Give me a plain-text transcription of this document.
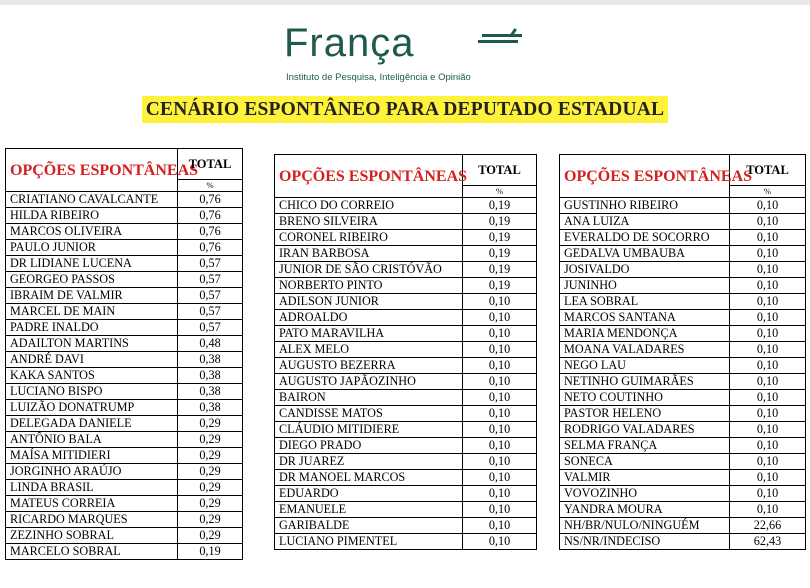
França
Instituto de Pesquisa, Inteligência e Opinião
CENÁRIO ESPONTÂNEO PARA DEPUTADO ESTADUAL
OPÇÕES ESPONTÂNEAS	TOTAL
	%
CRIATIANO CAVALCANTE	0,76
HILDA RIBEIRO	0,76
MARCOS OLIVEIRA	0,76
PAULO JUNIOR	0,76
DR LIDIANE LUCENA	0,57
GEORGEO PASSOS	0,57
IBRAIM DE VALMIR	0,57
MARCEL DE MAIN	0,57
PADRE INALDO	0,57
ADAILTON MARTINS	0,48
ANDRÉ DAVI	0,38
KAKA SANTOS	0,38
LUCIANO BISPO	0,38
LUIZÃO DONATRUMP	0,38
DELEGADA DANIELE	0,29
ANTÔNIO BALA	0,29
MAÍSA MITIDIERI	0,29
JORGINHO ARAÚJO	0,29
LINDA BRASIL	0,29
MATEUS CORREIA	0,29
RICARDO MARQUES	0,29
ZEZINHO SOBRAL	0,29
MARCELO SOBRAL	0,19
OPÇÕES ESPONTÂNEAS	TOTAL
	%
CHICO DO CORREIO	0,19
BRENO SILVEIRA	0,19
CORONEL RIBEIRO	0,19
IRAN BARBOSA	0,19
JUNIOR DE SÃO CRISTÓVÃO	0,19
NORBERTO PINTO	0,19
ADILSON JUNIOR	0,10
ADROALDO	0,10
PATO MARAVILHA	0,10
ALEX MELO	0,10
AUGUSTO BEZERRA	0,10
AUGUSTO JAPÃOZINHO	0,10
BAIRON	0,10
CANDISSE MATOS	0,10
CLÁUDIO MITIDIERE	0,10
DIEGO PRADO	0,10
DR JUAREZ	0,10
DR MANOEL MARCOS	0,10
EDUARDO	0,10
EMANUELE	0,10
GARIBALDE	0,10
LUCIANO PIMENTEL	0,10
OPÇÕES ESPONTÂNEAS	TOTAL
	%
GUSTINHO RIBEIRO	0,10
ANA LUIZA	0,10
EVERALDO DE SOCORRO	0,10
GEDALVA UMBAUBA	0,10
JOSIVALDO	0,10
JUNINHO	0,10
LEA SOBRAL	0,10
MARCOS SANTANA	0,10
MARIA MENDONÇA	0,10
MOANA VALADARES	0,10
NEGO LAU	0,10
NETINHO GUIMARÃES	0,10
NETO COUTINHO	0,10
PASTOR HELENO	0,10
RODRIGO VALADARES	0,10
SELMA FRANÇA	0,10
SONECA	0,10
VALMIR	0,10
VOVOZINHO	0,10
YANDRA MOURA	0,10
NH/BR/NULO/NINGUÉM	22,66
NS/NR/INDECISO	62,43
